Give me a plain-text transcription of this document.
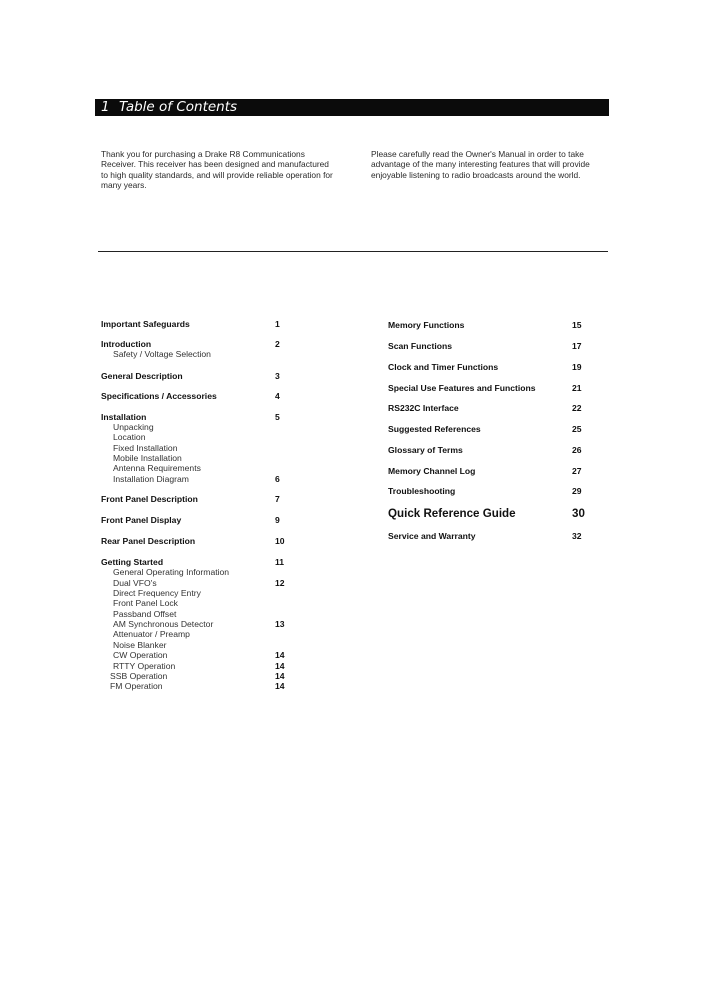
1 Table of Contents

Thank you for purchasing a Drake R8 Communications Receiver. This receiver has been designed and manufactured to high quality standards, and will provide reliable operation for many years.

Please carefully read the Owner's Manual in order to take advantage of the many interesting features that will provide enjoyable listening to radio broadcasts around the world.

Important Safeguards	1
Introduction	2
Safety / Voltage Selection
General Description	3
Specifications / Accessories	4
Installation	5
Unpacking
Location
Fixed Installation
Mobile Installation
Antenna Requirements
Installation Diagram	6
Front Panel Description	7
Front Panel Display	9
Rear Panel Description	10
Getting Started	11
General Operating Information
Dual VFO's	12
Direct Frequency Entry
Front Panel Lock
Passband Offset
AM Synchronous Detector	13
Attenuator / Preamp
Noise Blanker
CW Operation	14
RTTY Operation	14
SSB Operation	14
FM Operation	14
Memory Functions	15
Scan Functions	17
Clock and Timer Functions	19
Special Use Features and Functions	21
RS232C Interface	22
Suggested References	25
Glossary of Terms	26
Memory Channel Log	27
Troubleshooting	29
Quick Reference Guide	30
Service and Warranty	32
